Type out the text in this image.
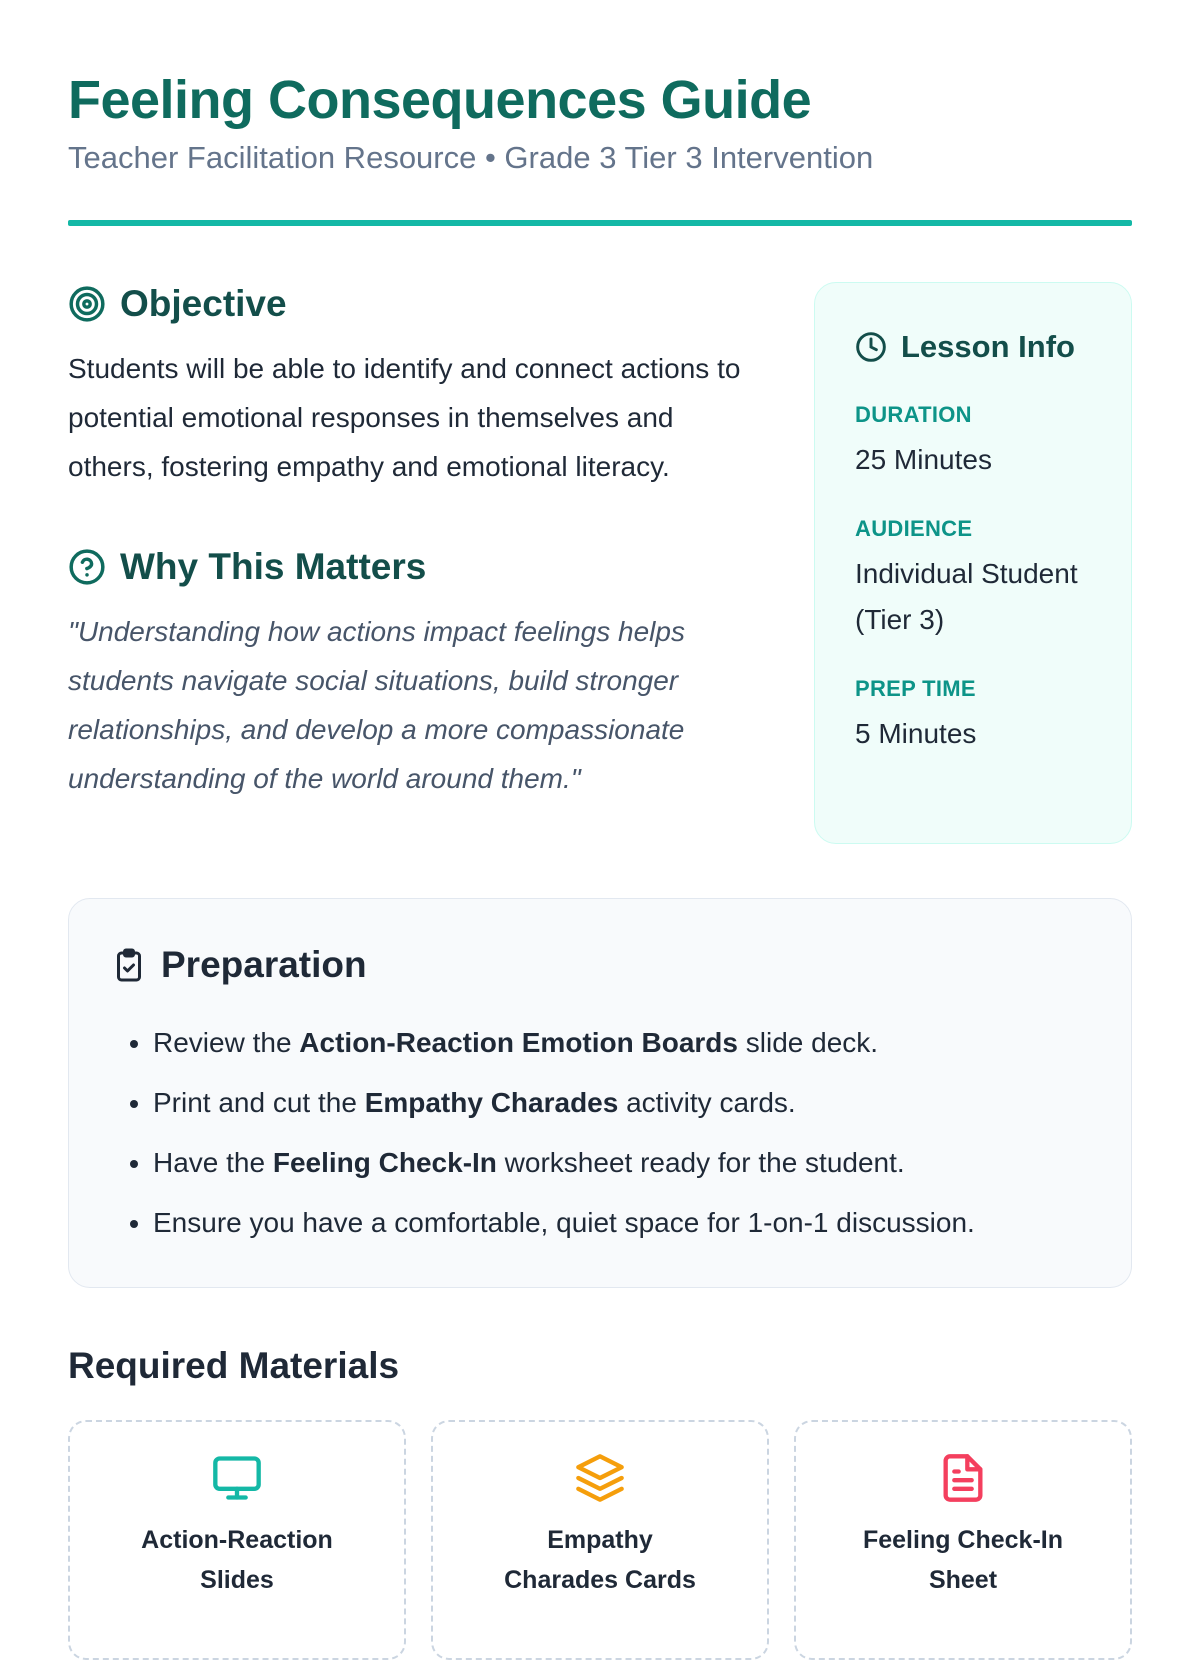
Feeling Consequences Guide
Teacher Facilitation Resource • Grade 3 Tier 3 Intervention
Objective

Students will be able to identify and connect actions to potential emotional responses in themselves and others, fostering empathy and emotional literacy.

Why This Matters

"Understanding how actions impact feelings helps students navigate social situations, build stronger relationships, and develop a more compassionate understanding of the world around them."

Lesson Info
DURATION
25 Minutes
AUDIENCE
Individual Student (Tier 3)
PREP TIME
5 Minutes
Preparation
• Review the Action-Reaction Emotion Boards slide deck.
• Print and cut the Empathy Charades activity cards.
• Have the Feeling Check-In worksheet ready for the student.
• Ensure you have a comfortable, quiet space for 1-on-1 discussion.
Required Materials
Action-Reaction Slides
Empathy Charades Cards
Feeling Check-In Sheet
